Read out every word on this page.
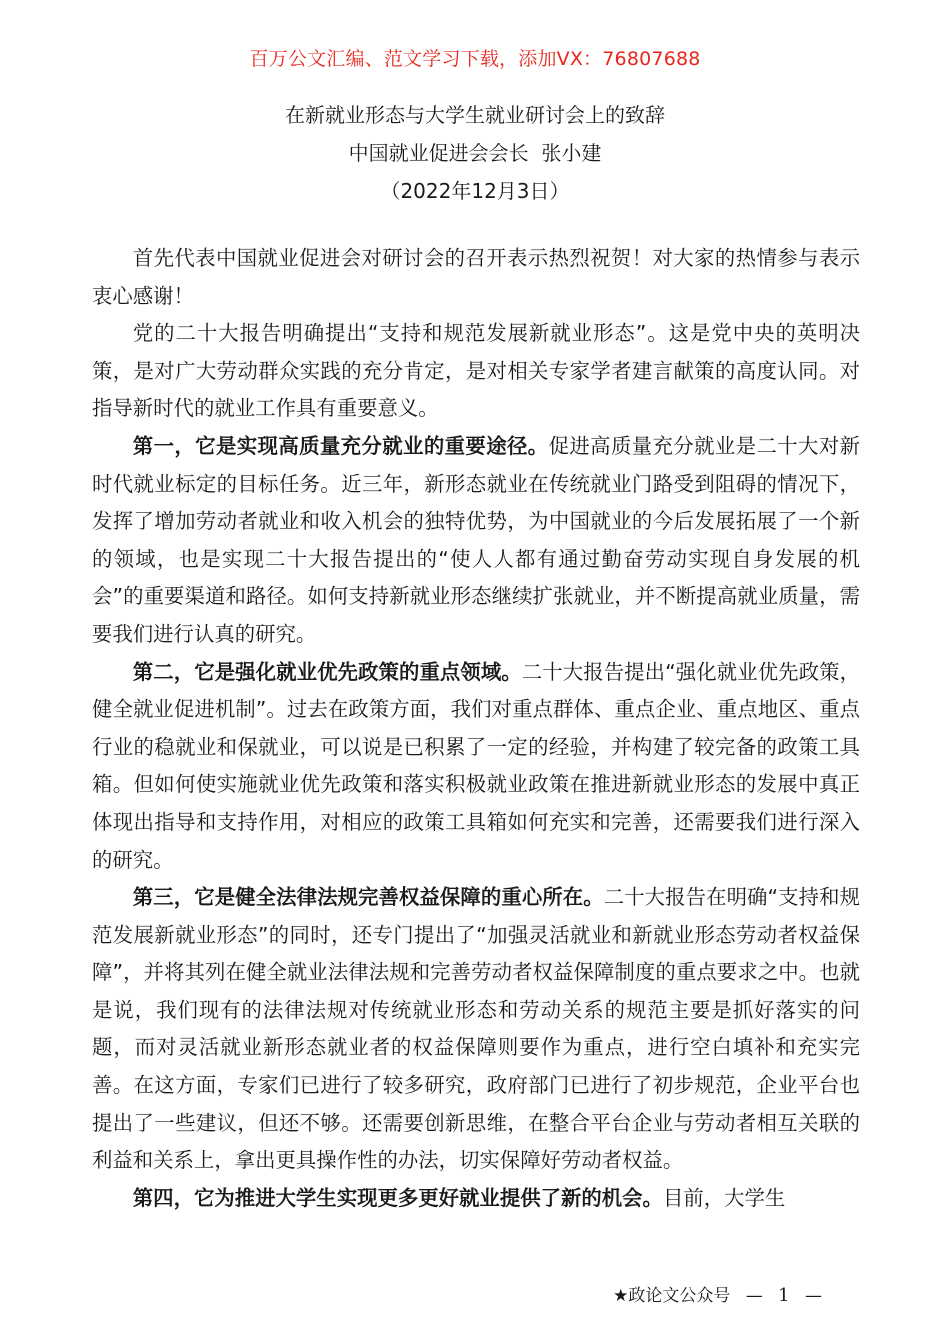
百万公文汇编、范文学习下载，添加VX：76807688
在新就业形态与大学生就业研讨会上的致辞
中国就业促进会会长  张小建
（2022年12月3日）

首先代表中国就业促进会对研讨会的召开表示热烈祝贺！对大家的热情参与表示衷心感谢！

党的二十大报告明确提出“支持和规范发展新就业形态”。这是党中央的英明决策，是对广大劳动群众实践的充分肯定，是对相关专家学者建言献策的高度认同。对指导新时代的就业工作具有重要意义。

第一，它是实现高质量充分就业的重要途径。促进高质量充分就业是二十大对新时代就业标定的目标任务。近三年，新形态就业在传统就业门路受到阻碍的情况下，发挥了增加劳动者就业和收入机会的独特优势，为中国就业的今后发展拓展了一个新的领域，也是实现二十大报告提出的“使人人都有通过勤奋劳动实现自身发展的机会”的重要渠道和路径。如何支持新就业形态继续扩张就业，并不断提高就业质量，需要我们进行认真的研究。

第二，它是强化就业优先政策的重点领域。二十大报告提出“强化就业优先政策，健全就业促进机制”。过去在政策方面，我们对重点群体、重点企业、重点地区、重点行业的稳就业和保就业，可以说是已积累了一定的经验，并构建了较完备的政策工具箱。但如何使实施就业优先政策和落实积极就业政策在推进新就业形态的发展中真正体现出指导和支持作用，对相应的政策工具箱如何充实和完善，还需要我们进行深入的研究。

第三，它是健全法律法规完善权益保障的重心所在。二十大报告在明确“支持和规范发展新就业形态”的同时，还专门提出了“加强灵活就业和新就业形态劳动者权益保障”，并将其列在健全就业法律法规和完善劳动者权益保障制度的重点要求之中。也就是说，我们现有的法律法规对传统就业形态和劳动关系的规范主要是抓好落实的问题，而对灵活就业新形态就业者的权益保障则要作为重点，进行空白填补和充实完善。在这方面，专家们已进行了较多研究，政府部门已进行了初步规范，企业平台也提出了一些建议，但还不够。还需要创新思维，在整合平台企业与劳动者相互关联的利益和关系上，拿出更具操作性的办法，切实保障好劳动者权益。

第四，它为推进大学生实现更多更好就业提供了新的机会。目前，大学生

★政论文公众号 — 1 —
